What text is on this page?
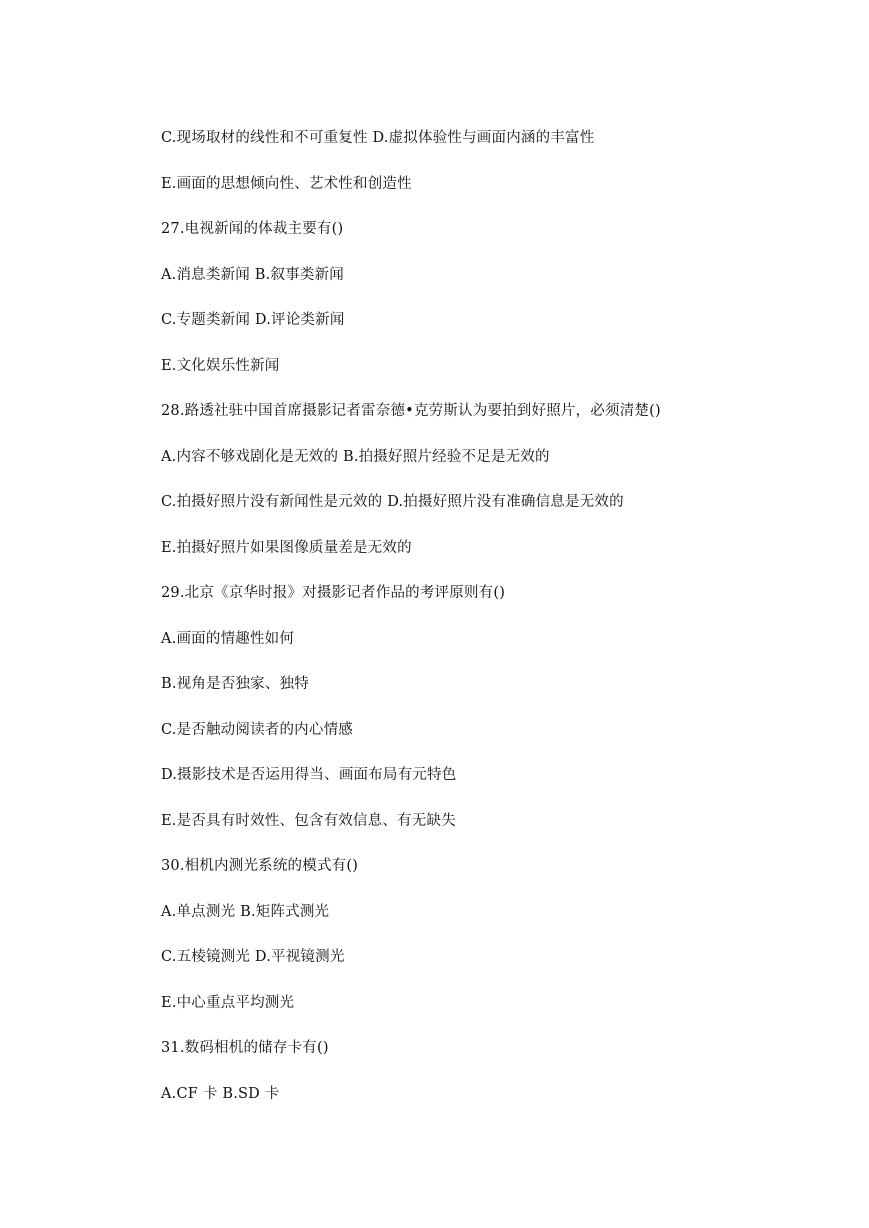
C.现场取材的线性和不可重复性 D.虚拟体验性与画面内涵的丰富性
E.画面的思想倾向性、艺术性和创造性
27.电视新闻的体裁主要有()
A.消息类新闻 B.叙事类新闻
C.专题类新闻 D.评论类新闻
E.文化娱乐性新闻
28.路透社驻中国首席摄影记者雷奈德•克劳斯认为要拍到好照片，必须清楚()
A.内容不够戏剧化是无效的 B.拍摄好照片经验不足是无效的
C.拍摄好照片没有新闻性是元效的 D.拍摄好照片没有准确信息是无效的
E.拍摄好照片如果图像质量差是无效的
29.北京《京华时报》对摄影记者作品的考评原则有()
A.画面的情趣性如何
B.视角是否独家、独特
C.是否触动阅读者的内心情感
D.摄影技术是否运用得当、画面布局有元特色
E.是否具有时效性、包含有效信息、有无缺失
30.相机内测光系统的模式有()
A.单点测光 B.矩阵式测光
C.五棱镜测光 D.平视镜测光
E.中心重点平均测光
31.数码相机的储存卡有()
A.CF 卡 B.SD 卡
